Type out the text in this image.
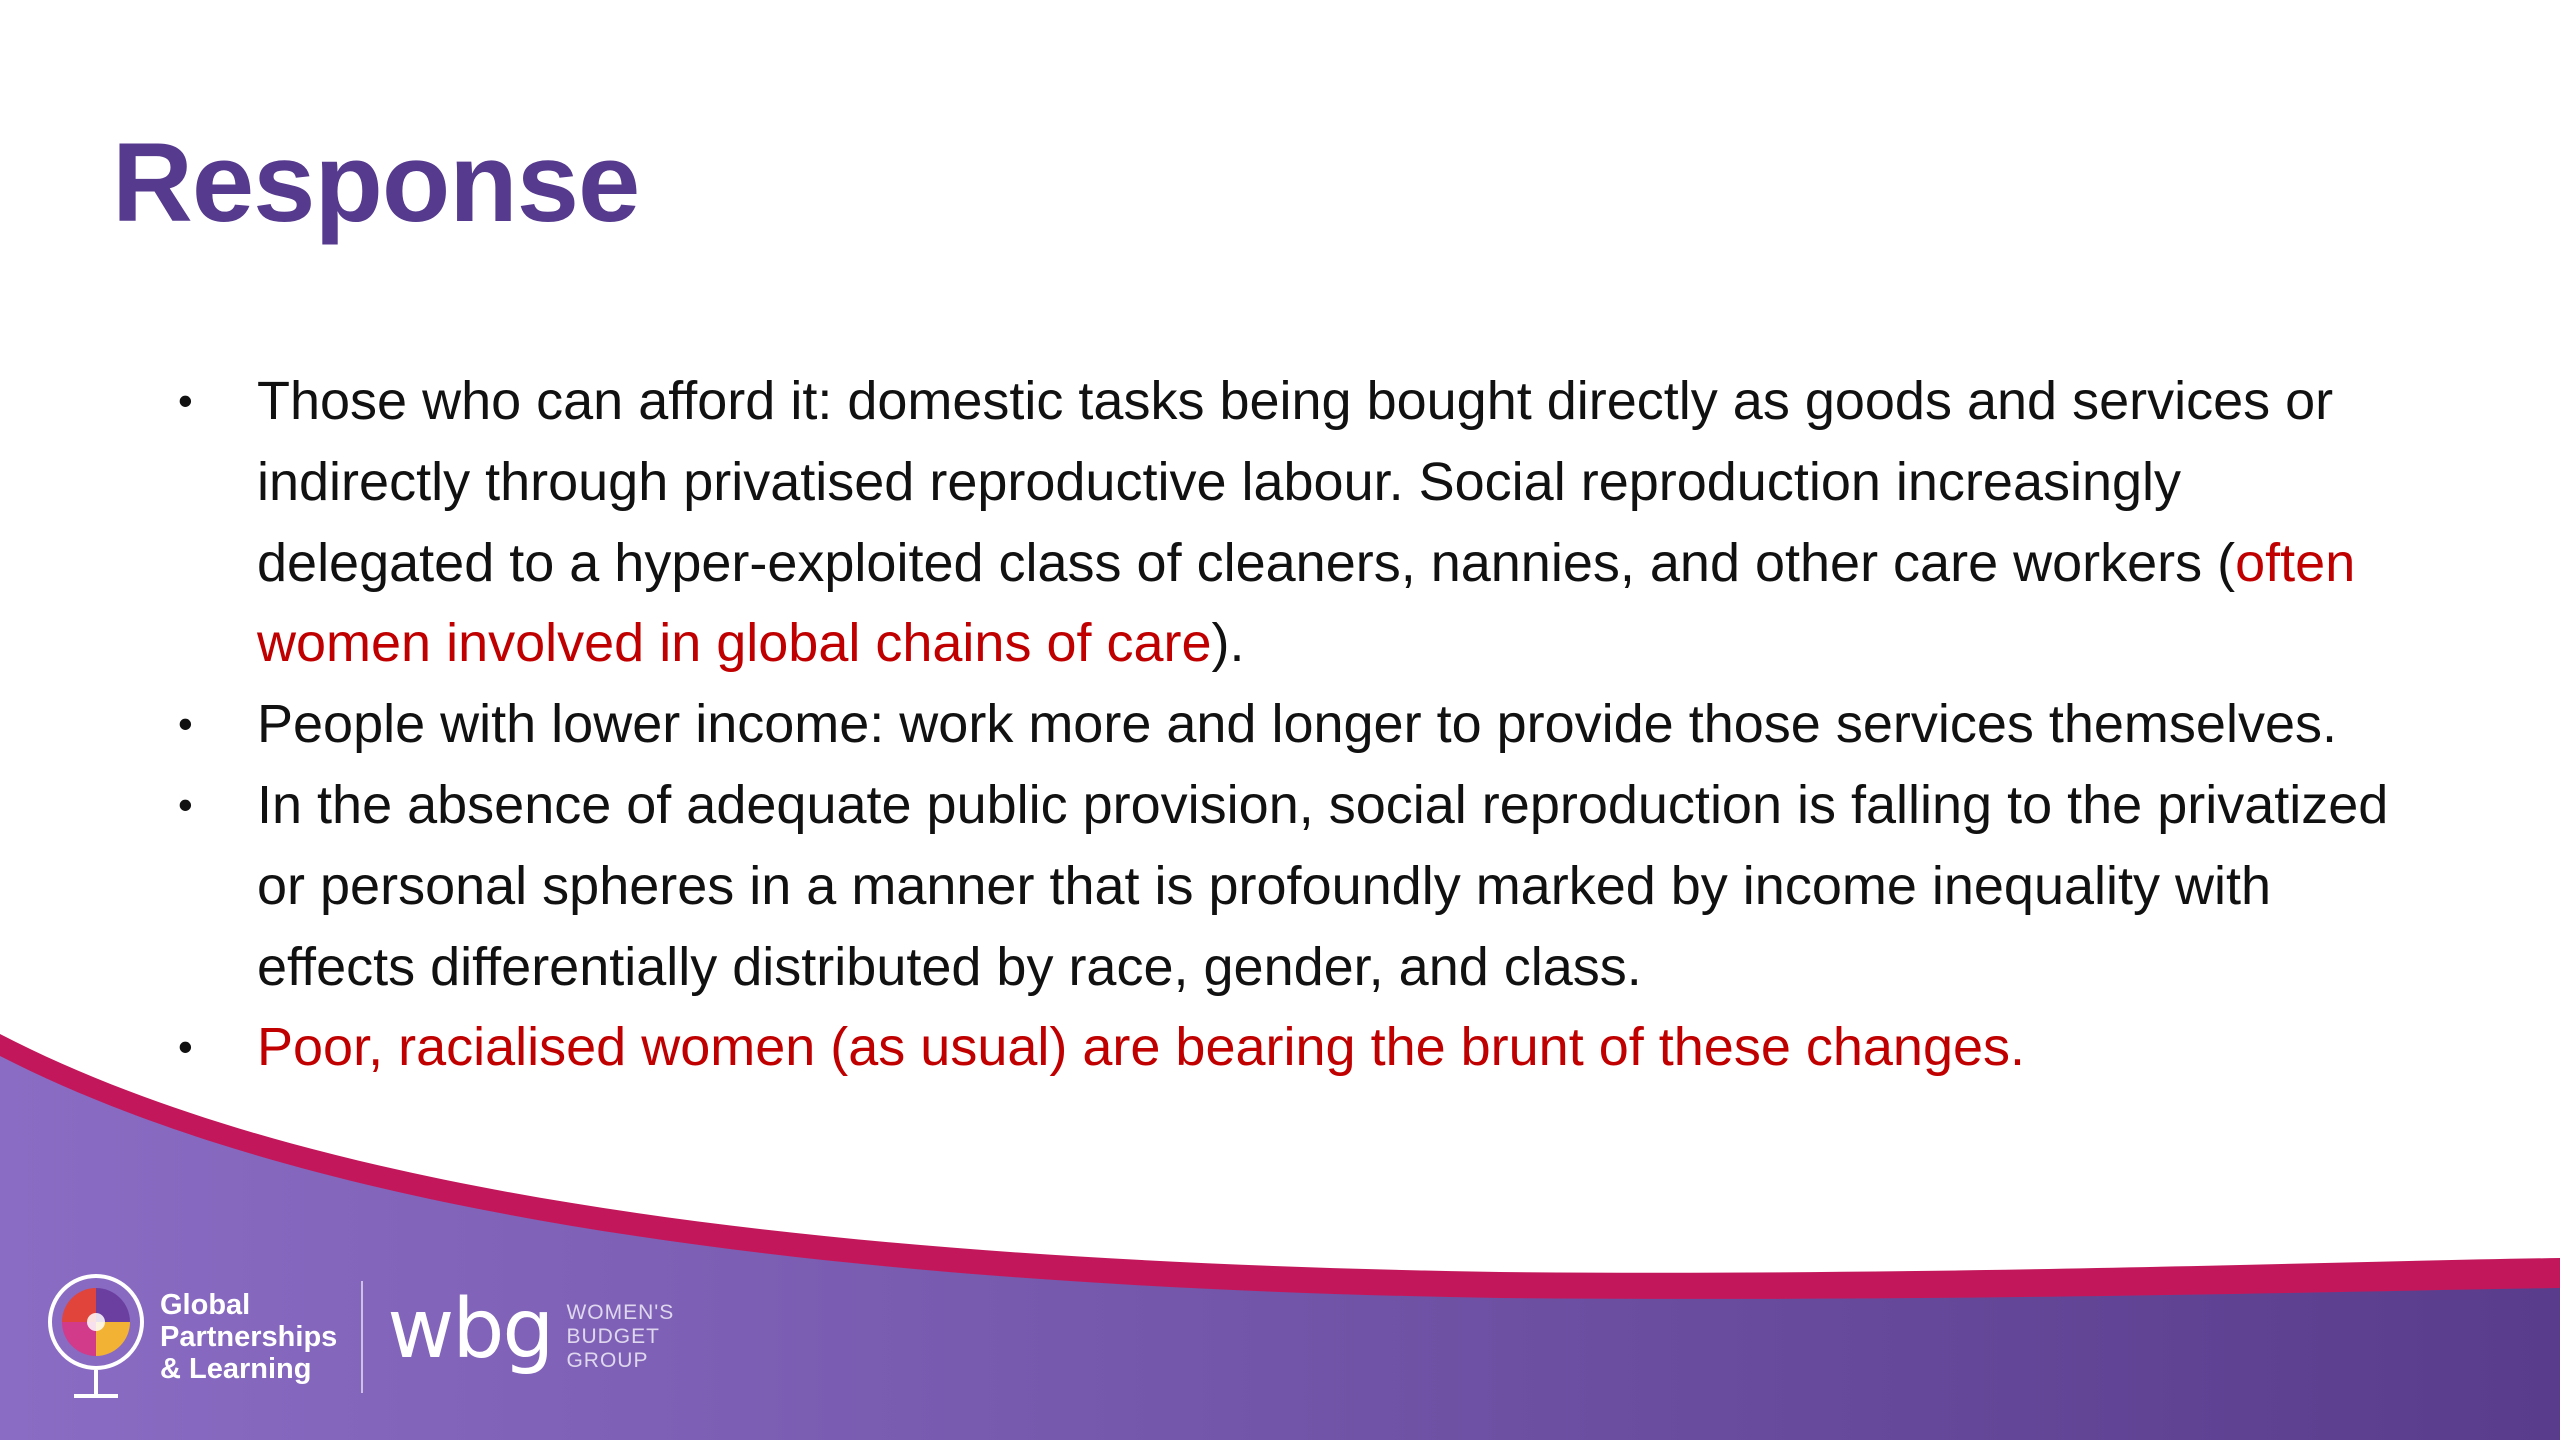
Response
• Those who can afford it: domestic tasks being bought directly as goods and services or indirectly through privatised reproductive labour. Social reproduction increasingly delegated to a hyper-exploited class of cleaners, nannies, and other care workers (often women involved in global chains of care).
• People with lower income: work more and longer to provide those services themselves.
• In the absence of adequate public provision, social reproduction is falling to the privatized or personal spheres in a manner that is profoundly marked by income inequality with effects differentially distributed by race, gender, and class.
• Poor, racialised women (as usual) are bearing the brunt of these changes.
Global
Partnerships
& Learning wbg WOMEN'S
BUDGET
GROUP
